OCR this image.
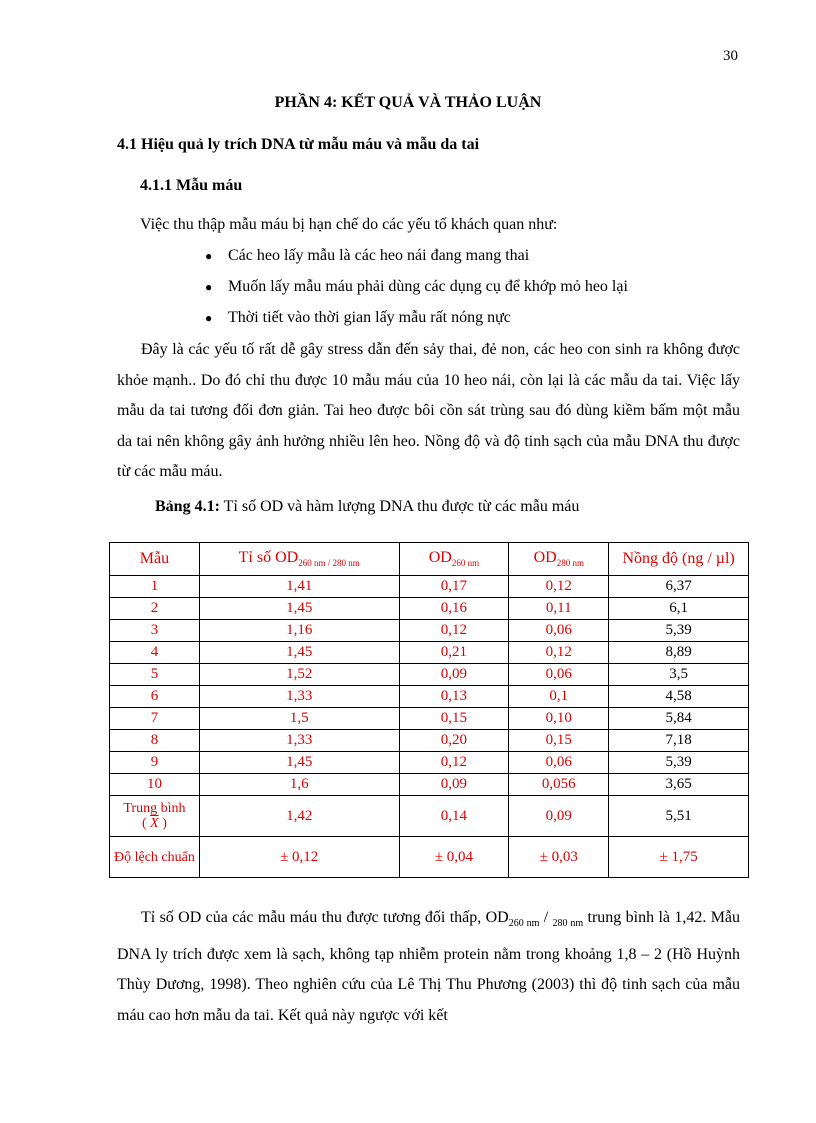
30
PHẦN 4: KẾT QUẢ VÀ THẢO LUẬN
4.1 Hiệu quả ly trích DNA từ mẫu máu và mẫu da tai
4.1.1 Mẫu máu
Việc thu thập mẫu máu bị hạn chế do các yếu tố khách quan như:
● Các heo lấy mẫu là các heo nái đang mang thai
● Muốn lấy mẫu máu phải dùng các dụng cụ để khớp mỏ heo lại
● Thời tiết vào thời gian lấy mẫu rất nóng nực

Đây là các yếu tố rất dễ gây stress dẫn đến sảy thai, đẻ non, các heo con sinh ra không được khỏe mạnh.. Do đó chỉ thu được 10 mẫu máu của 10 heo nái, còn lại là các mẫu da tai. Việc lấy mẫu da tai tương đối đơn giản. Tai heo được bôi cồn sát trùng sau đó dùng kiềm bấm một mẫu da tai nên không gây ảnh hưởng nhiều lên heo. Nồng độ và độ tinh sạch của mẫu DNA thu được từ các mẫu máu.

Bảng 4.1: Tỉ số OD và hàm lượng DNA thu được từ các mẫu máu
Mẫu	Tỉ số $OD_{260 nm / 280 nm}$	$OD_{260 nm}$	$OD_{280 nm}$	Nồng độ (ng / µl)
1	1,41	0,17	0,12	6,37
2	1,45	0,16	0,11	6,1
3	1,16	0,12	0,06	5,39
4	1,45	0,21	0,12	8,89
5	1,52	0,09	0,06	3,5
6	1,33	0,13	0,1	4,58
7	1,5	0,15	0,10	5,84
8	1,33	0,20	0,15	7,18
9	1,45	0,12	0,06	5,39
10	1,6	0,09	0,056	3,65
Trung bình
( $\overline{X}$ )	1,42	0,14	0,09	5,51
Độ lệch chuẩn	± 0,12	± 0,04	± 0,03	± 1,75

Tỉ số OD của các mẫu máu thu được tương đối thấp, $OD_{260 nm} / _{280 nm}$ trung bình là 1,42. Mẫu DNA ly trích được xem là sạch, không tạp nhiễm protein nằm trong khoảng 1,8 – 2 (Hồ Huỳnh Thùy Dương, 1998). Theo nghiên cứu của Lê Thị Thu Phương (2003) thì độ tinh sạch của mẫu máu cao hơn mẫu da tai. Kết quả này ngược với kết
